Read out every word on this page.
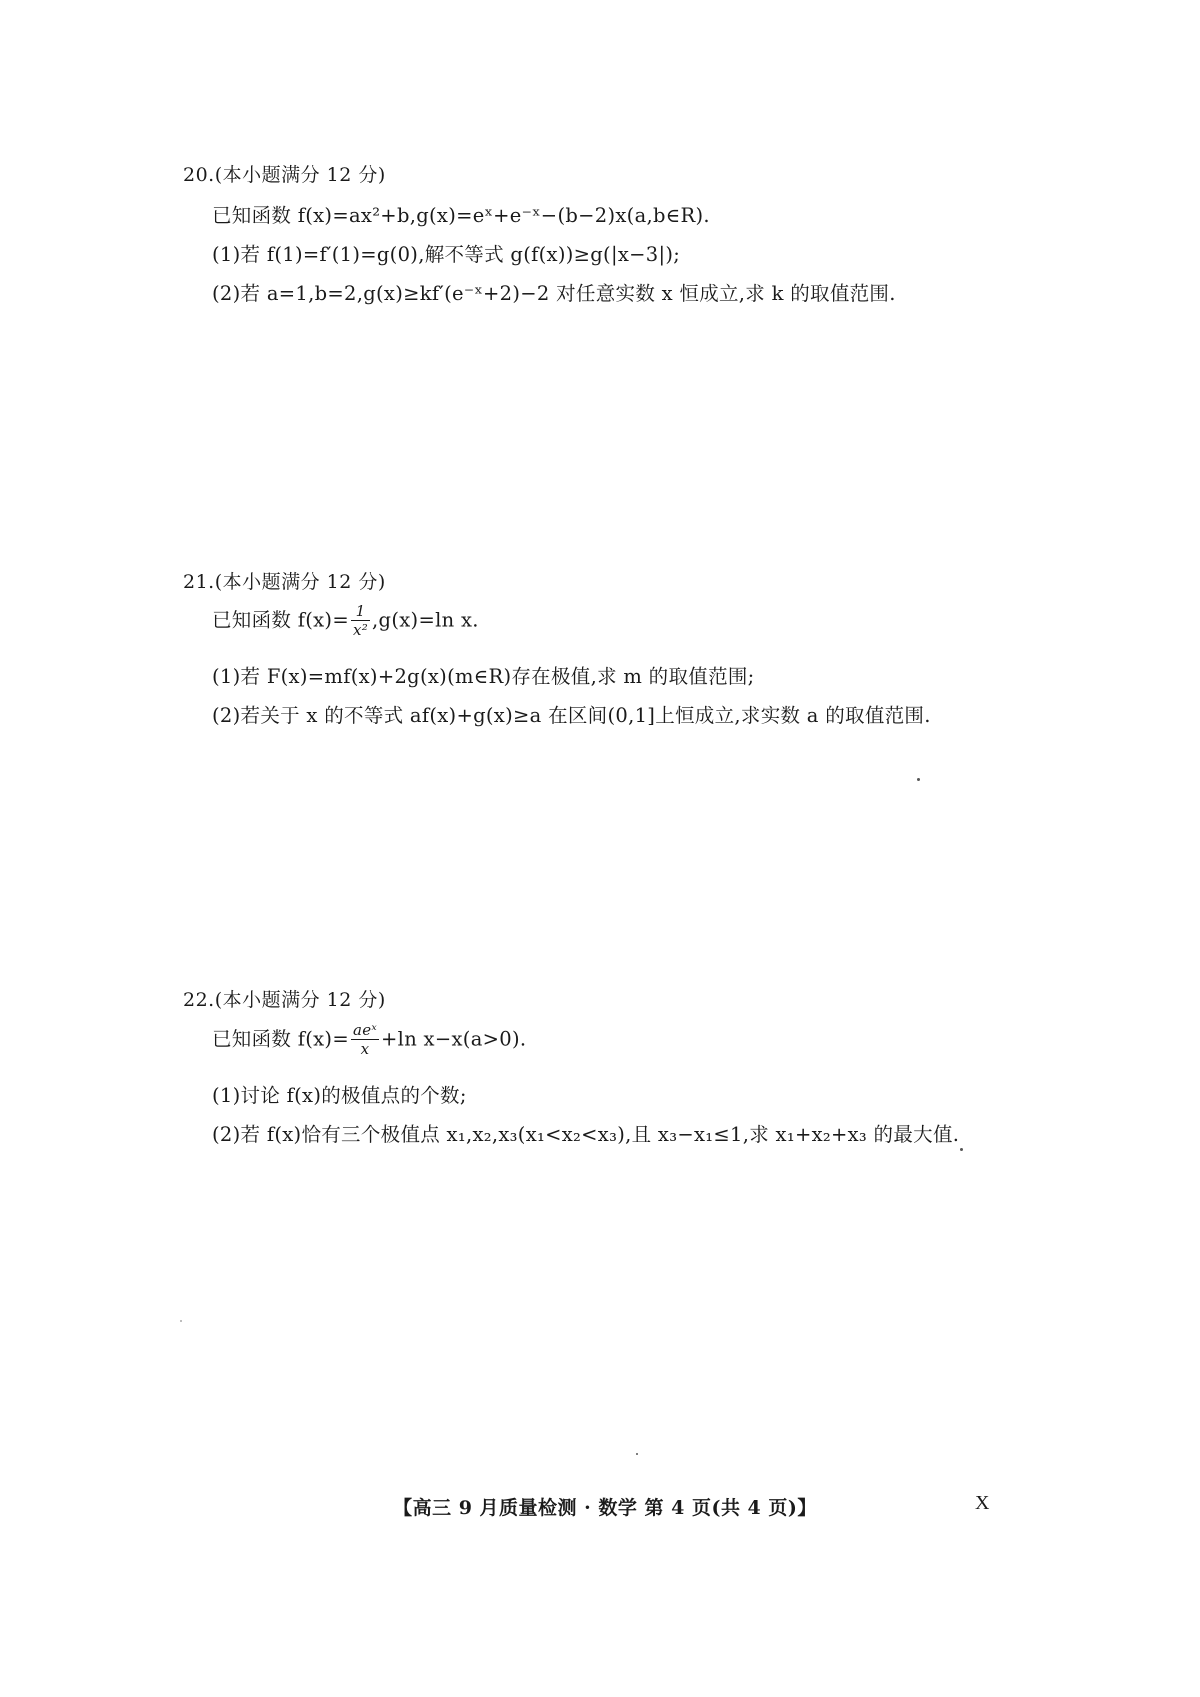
20.(本小题满分 12 分)
已知函数 f(x)=ax²+b,g(x)=eˣ+e⁻ˣ−(b−2)x(a,b∈R).
(1)若 f(1)=f′(1)=g(0),解不等式 g(f(x))≥g(|x−3|);
(2)若 a=1,b=2,g(x)≥kf′(e⁻ˣ+2)−2 对任意实数 x 恒成立,求 k 的取值范围.
21.(本小题满分 12 分)
已知函数 $f(x)= \frac{1}{\text{x²}} ,g(x)=\ln$ x.
(1)若 F(x)=mf(x)+2g(x)(m∈R)存在极值,求 m 的取值范围;
(2)若关于 x 的不等式 af(x)+g(x)≥a 在区间(0,1]上恒成立,求实数 a 的取值范围.
22.(本小题满分 12 分)
已知函数 $f(x)= \frac{\text{aeˣ}}{x} +\ln$ x−x(a>0).
(1)讨论 f(x)的极值点的个数;
(2)若 f(x)恰有三个极值点 x₁,x₂,x₃(x₁<x₂<x₃),且 x₃−x₁≤1,求 x₁+x₂+x₃ 的最大值.
【高三 9 月质量检测 · 数学 第 4 页(共 4 页)】	X
